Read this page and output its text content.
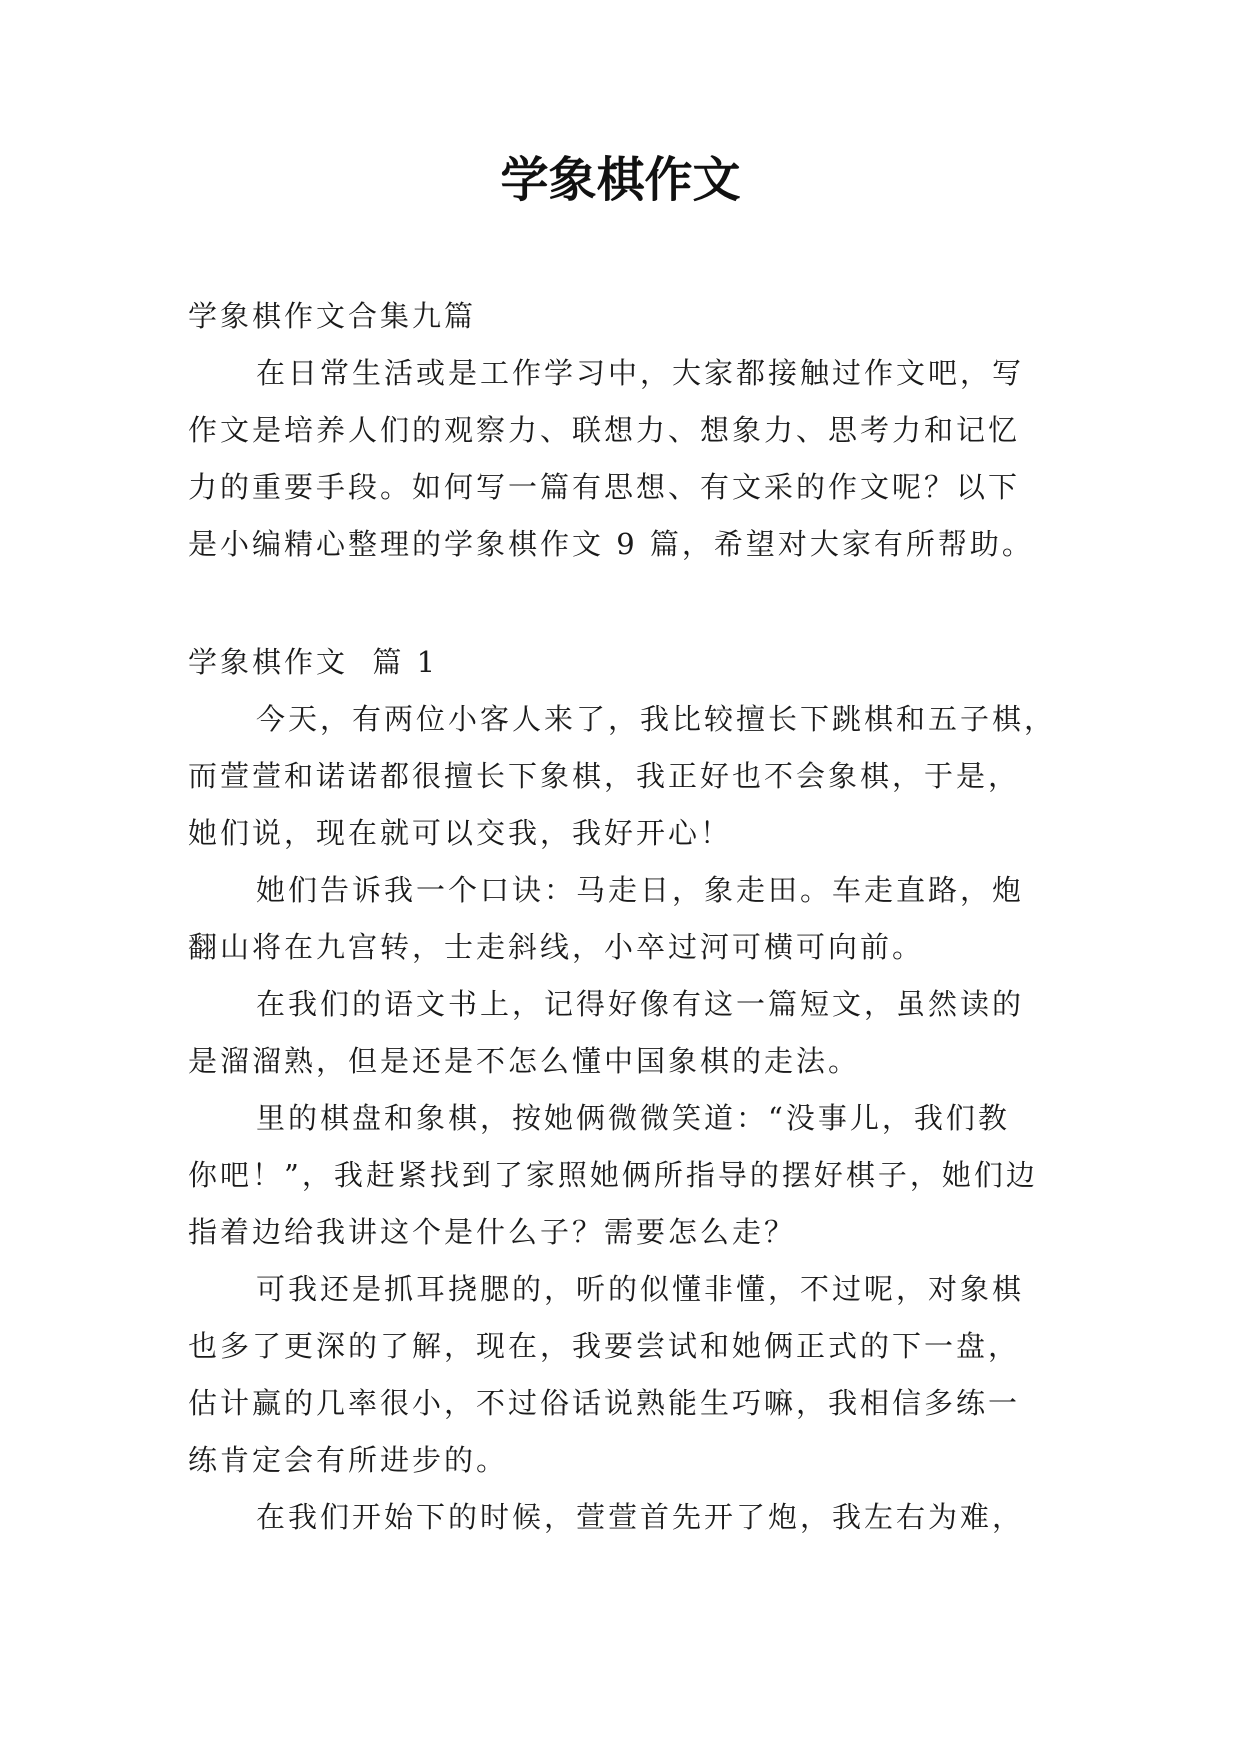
学象棋作文

学象棋作文合集九篇

在日常生活或是工作学习中，大家都接触过作文吧，写

作文是培养人们的观察力、联想力、想象力、思考力和记忆

力的重要手段。如何写一篇有思想、有文采的作文呢？以下

是小编精心整理的学象棋作文 9 篇，希望对大家有所帮助。

学象棋作文  篇 1

今天，有两位小客人来了，我比较擅长下跳棋和五子棋，

而萱萱和诺诺都很擅长下象棋，我正好也不会象棋，于是，

她们说，现在就可以交我，我好开心！

她们告诉我一个口诀：马走日，象走田。车走直路，炮

翻山将在九宫转，士走斜线，小卒过河可横可向前。

在我们的语文书上，记得好像有这一篇短文，虽然读的

是溜溜熟，但是还是不怎么懂中国象棋的走法。

里的棋盘和象棋，按她俩微微笑道：“没事儿，我们教

你吧！”，我赶紧找到了家照她俩所指导的摆好棋子，她们边

指着边给我讲这个是什么子？需要怎么走？

可我还是抓耳挠腮的，听的似懂非懂，不过呢，对象棋

也多了更深的了解，现在，我要尝试和她俩正式的下一盘，

估计赢的几率很小，不过俗话说熟能生巧嘛，我相信多练一

练肯定会有所进步的。

在我们开始下的时候，萱萱首先开了炮，我左右为难，
